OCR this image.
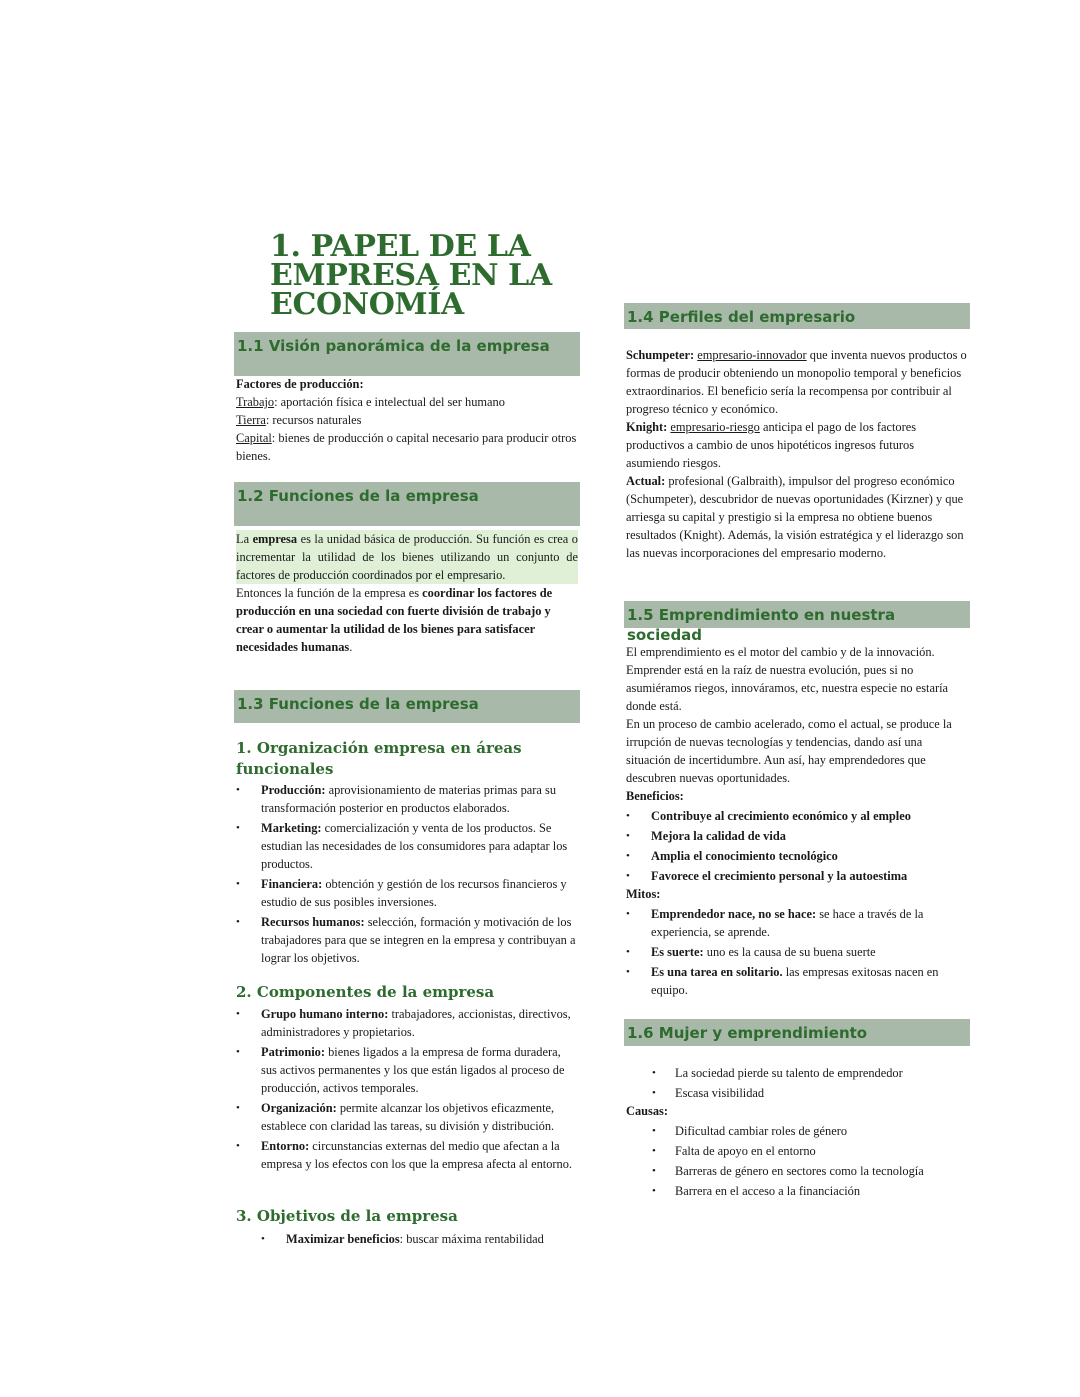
1. PAPEL DE LA EMPRESA EN LA ECONOMÍA
1.1 Visión panorámica de la empresa

Factores de producción:

Trabajo: aportación física e intelectual del ser humano

Tierra: recursos naturales

Capital: bienes de producción o capital necesario para producir otros bienes.

1.2 Funciones de la empresa

La empresa es la unidad básica de producción. Su función es crea o incrementar la utilidad de los bienes utilizando un conjunto de factores de producción coordinados por el empresario.

Entonces la función de la empresa es coordinar los factores de producción en una sociedad con fuerte división de trabajo y crear o aumentar la utilidad de los bienes para satisfacer necesidades humanas.

1.3 Funciones de la empresa
1. Organización empresa en áreas funcionales
• Producción: aprovisionamiento de materias primas para su transformación posterior en productos elaborados.
• Marketing: comercialización y venta de los productos. Se estudian las necesidades de los consumidores para adaptar los productos.
• Financiera: obtención y gestión de los recursos financieros y estudio de sus posibles inversiones.
• Recursos humanos: selección, formación y motivación de los trabajadores para que se integren en la empresa y contribuyan a lograr los objetivos.
2. Componentes de la empresa
• Grupo humano interno: trabajadores, accionistas, directivos, administradores y propietarios.
• Patrimonio: bienes ligados a la empresa de forma duradera, sus activos permanentes y los que están ligados al proceso de producción, activos temporales.
• Organización: permite alcanzar los objetivos eficazmente, establece con claridad las tareas, su división y distribución.
• Entorno: circunstancias externas del medio que afectan a la empresa y los efectos con los que la empresa afecta al entorno.
3. Objetivos de la empresa
• Maximizar beneficios: buscar máxima rentabilidad
1.4 Perfiles del empresario

Schumpeter: empresario-innovador que inventa nuevos productos o formas de producir obteniendo un monopolio temporal y beneficios extraordinarios. El beneficio sería la recompensa por contribuir al progreso técnico y económico.

Knight: empresario-riesgo anticipa el pago de los factores productivos a cambio de unos hipotéticos ingresos futuros asumiendo riesgos.

Actual: profesional (Galbraith), impulsor del progreso económico (Schumpeter), descubridor de nuevas oportunidades (Kirzner) y que arriesga su capital y prestigio si la empresa no obtiene buenos resultados (Knight). Además, la visión estratégica y el liderazgo son las nuevas incorporaciones del empresario moderno.

1.5 Emprendimiento en nuestra sociedad

El emprendimiento es el motor del cambio y de la innovación. Emprender está en la raíz de nuestra evolución, pues si no asumiéramos riegos, innováramos, etc, nuestra especie no estaría donde está.

En un proceso de cambio acelerado, como el actual, se produce la irrupción de nuevas tecnologías y tendencias, dando así una situación de incertidumbre. Aun así, hay emprendedores que descubren nuevas oportunidades.

Beneficios:

• Contribuye al crecimiento económico y al empleo
• Mejora la calidad de vida
• Amplia el conocimiento tecnológico
• Favorece el crecimiento personal y la autoestima

Mitos:

• Emprendedor nace, no se hace: se hace a través de la experiencia, se aprende.
• Es suerte: uno es la causa de su buena suerte
• Es una tarea en solitario. las empresas exitosas nacen en equipo.
1.6 Mujer y emprendimiento
• La sociedad pierde su talento de emprendedor
• Escasa visibilidad

Causas:

• Dificultad cambiar roles de género
• Falta de apoyo en el entorno
• Barreras de género en sectores como la tecnología
• Barrera en el acceso a la financiación
